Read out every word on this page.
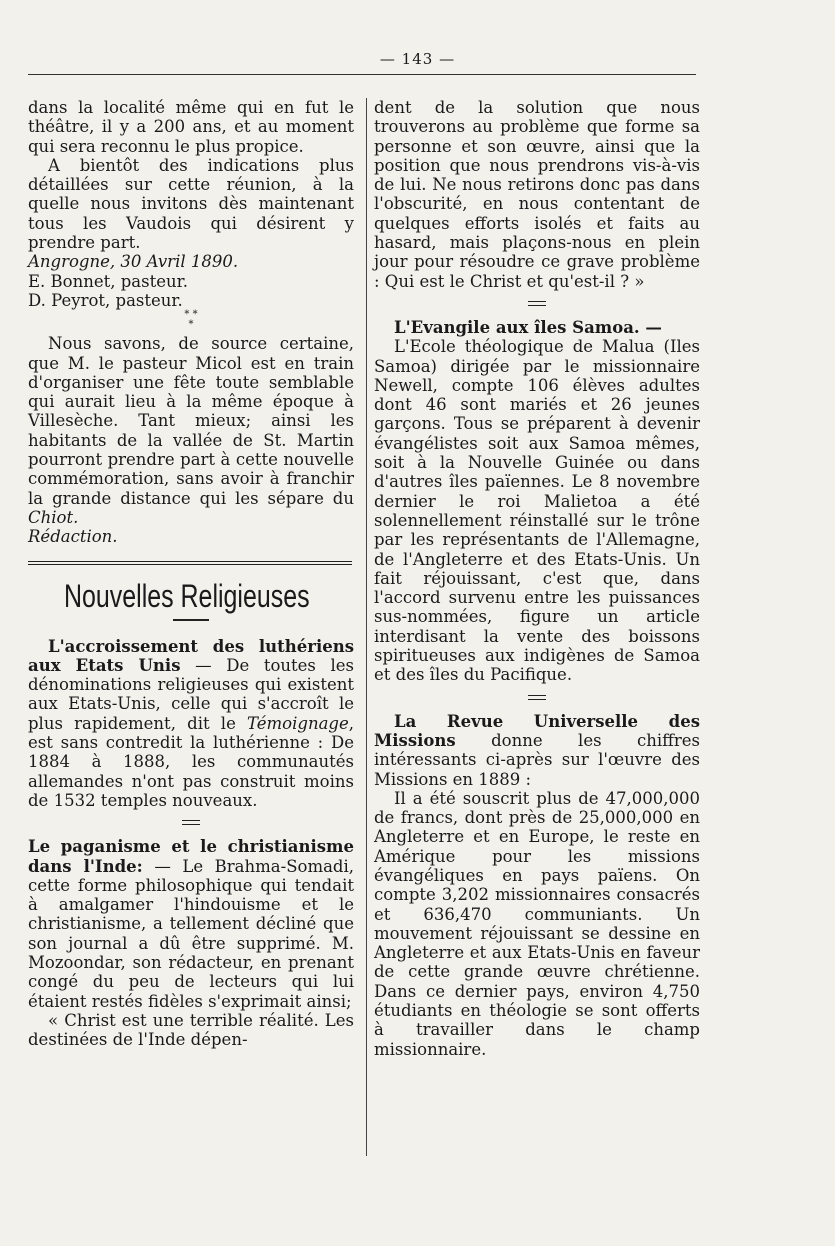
— 143 —

dans la localité même qui en fut le théâtre, il y a 200 ans, et au moment qui sera reconnu le plus propice.

A bientôt des indications plus détaillées sur cette réunion, à la quelle nous invitons dès maintenant tous les Vaudois qui désirent y prendre part.

Angrogne, 30 Avril 1890.

E. Bonnet, pasteur.

D. Peyrot, pasteur.

* *
*

Nous savons, de source certaine, que M. le pasteur Micol est en train d'organiser une fête toute semblable qui aurait lieu à la même époque à Villesèche. Tant mieux; ainsi les habitants de la vallée de St. Martin pourront prendre part à cette nouvelle commémoration, sans avoir à franchir la grande distance qui les sépare du Chiot.

Rédaction.

Nouvelles Religieuses

L'accroissement des luthériens aux Etats Unis — De toutes les dénominations religieuses qui existent aux Etats-Unis, celle qui s'accroît le plus rapidement, dit le Témoignage, est sans contredit la luthérienne : De 1884 à 1888, les communautés allemandes n'ont pas construit moins de 1532 temples nouveaux.

Le paganisme et le christianisme dans l'Inde: — Le Brahma-Somadi, cette forme philosophique qui tendait à amalgamer l'hindouisme et le christianisme, a tellement décliné que son journal a dû être supprimé. M. Mozoondar, son rédacteur, en prenant congé du peu de lecteurs qui lui étaient restés fidèles s'exprimait ainsi;

« Christ est une terrible réalité. Les destinées de l'Inde dépen-

dent de la solution que nous trouverons au problème que forme sa personne et son œuvre, ainsi que la position que nous prendrons vis-à-vis de lui. Ne nous retirons donc pas dans l'obscurité, en nous contentant de quelques efforts isolés et faits au hasard, mais plaçons-nous en plein jour pour résoudre ce grave problème : Qui est le Christ et qu'est-il ? »

L'Evangile aux îles Samoa. —

L'Ecole théologique de Malua (Iles Samoa) dirigée par le missionnaire Newell, compte 106 élèves adultes dont 46 sont mariés et 26 jeunes garçons. Tous se préparent à devenir évangélistes soit aux Samoa mêmes, soit à la Nouvelle Guinée ou dans d'autres îles païennes. Le 8 novembre dernier le roi Malietoa a été solennellement réinstallé sur le trône par les représentants de l'Allemagne, de l'Angleterre et des Etats-Unis. Un fait réjouissant, c'est que, dans l'accord survenu entre les puissances sus-nommées, figure un article interdisant la vente des boissons spiritueuses aux indigènes de Samoa et des îles du Pacifique.

La Revue Universelle des Missions donne les chiffres intéressants ci-après sur l'œuvre des Missions en 1889 :

Il a été souscrit plus de 47,000,000 de francs, dont près de 25,000,000 en Angleterre et en Europe, le reste en Amérique pour les missions évangéliques en pays païens. On compte 3,202 missionnaires consacrés et 636,470 communiants. Un mouvement réjouissant se dessine en Angleterre et aux Etats-Unis en faveur de cette grande œuvre chrétienne. Dans ce dernier pays, environ 4,750 étudiants en théologie se sont offerts à travailler dans le champ missionnaire.
